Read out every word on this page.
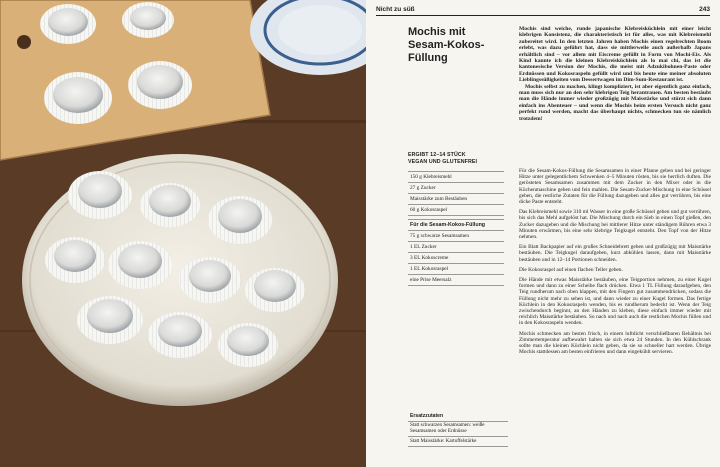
Nicht zu süß	243
Mochis mit Sesam-Kokos-Füllung
ERGIBT 12–14 STÜCK
VEGAN UND GLUTENFREI
150 g Klebreismehl
27 g Zucker
Maisstärke zum Bestäuben
60 g Kokosraspel
Für die Sesam-Kokos-Füllung
75 g schwarze Sesamsamen
1 EL Zucker
3 EL Kokoscreme
1 EL Kokosraspel
eine Prise Meersalz
Ersatzzutaten
Statt schwarzen Sesamsamen: weiße Sesamsamen oder Erdnüsse
Statt Maisstärke: Kartoffelstärke

Mochis sind weiche, runde japanische Klebreisküchlein mit einer leicht klebrigen Konsistenz, die charakteristisch ist für alles, was mit Klebreismehl zubereitet wird. In den letzten Jahren haben Mochis einen regelrechten Boom erlebt, was dazu geführt hat, dass sie mittlerweile auch außerhalb Japans erhältlich sind – vor allem mit Eiscreme gefüllt in Form von Mochi-Eis. Als Kind kannte ich die kleinen Klebreisküchlein als lo mai chi, das ist die kantonesische Version der Mochis, die meist mit Adzukibohnen-Paste oder Erdnüssen und Kokosraspeln gefüllt wird und bis heute eine meiner absoluten Lieblingssüßigkeiten vom Dessertwagen im Dim-Sum-Restaurant ist.

Mochis selbst zu machen, klingt kompliziert, ist aber eigentlich ganz einfach, man muss sich nur an den sehr klebrigen Teig herantrauen. Am besten bestäubt man die Hände immer wieder großzügig mit Maisstärke und stürzt sich dann einfach ins Abenteuer – und wenn die Mochis beim ersten Versuch nicht ganz perfekt rund werden, macht das überhaupt nichts, schmecken tun sie nämlich trotzdem!

Für die Sesam-Kokos-Füllung die Sesamsamen in einer Pfanne geben und bei geringer Hitze unter gelegentlichem Schwenken 4–5 Minuten rösten, bis sie herrlich duften. Die gerösteten Sesamsamen zusammen mit dem Zucker in den Mixer oder in die Küchenmaschine geben und fein mahlen. Die Sesam-Zucker-Mischung in eine Schüssel geben, die restliche Zutaten für die Füllung dazugeben und alles gut verrühren, bis eine dicke Paste entsteht.

Das Klebreismehl sowie 310 ml Wasser in eine große Schüssel geben und gut verrühren, bis sich das Mehl aufgelöst hat. Die Mischung durch ein Sieb in einen Topf gießen, den Zucker dazugeben und die Mischung bei mittlerer Hitze unter ständigem Rühren etwa 3 Minuten erwärmen, bis eine sehr klebrige Teigkugel entsteht. Den Topf von der Hitze nehmen.

Ein Blatt Backpapier auf ein großes Schneidebrett geben und großzügig mit Maisstärke bestäuben. Die Teigkugel daraufgeben, kurz abkühlen lassen, dann mit Maisstärke bestäuben und in 12–14 Portionen schneiden.

Die Kokosraspel auf einen flachen Teller geben.

Die Hände mit etwas Maisstärke bestäuben, eine Teigportion nehmen, zu einer Kugel formen und dann zu einer Scheibe flach drücken. Etwa 1 TL Füllung daraufgeben, den Teig rundherum nach oben klappen, mit den Fingern gut zusammendrücken, sodass die Füllung nicht mehr zu sehen ist, und dann wieder zu einer Kugel formen. Das fertige Küchlein in den Kokosraspeln wenden, bis es rundherum bedeckt ist. Wenn der Teig zwischendurch beginnt, an den Händen zu kleben, diese einfach immer wieder mit reichlich Maisstärke bestäuben. So nach und nach auch die restlichen Mochis füllen und in den Kokosraspeln wenden.

Mochis schmecken am besten frisch, in einem luftdicht verschließbaren Behältnis bei Zimmertemperatur aufbewahrt halten sie sich etwa 24 Stunden. In den Kühlschrank sollte man die kleinen Küchlein nicht geben, da sie so schneller hart werden. Übrige Mochis stattdessen am besten einfrieren und dann eingekühlt servieren.
